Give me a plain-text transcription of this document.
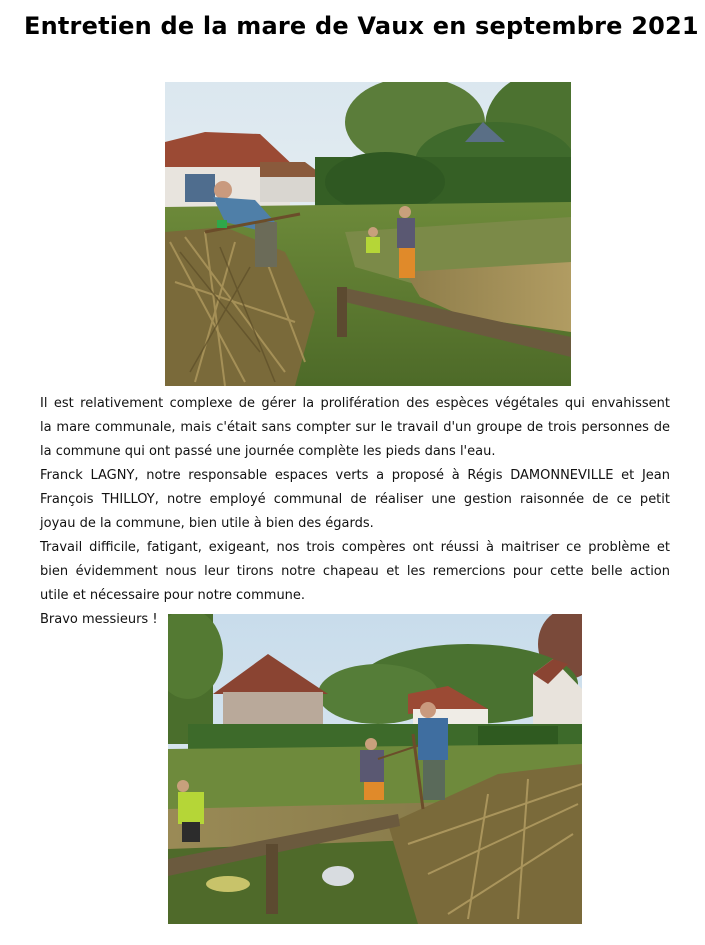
Entretien de la mare de Vaux en septembre 2021

Il est relativement complexe de gérer la prolifération des espèces végétales qui envahissent

la mare communale, mais c'était sans compter sur le travail d'un groupe de trois personnes de

la commune qui ont passé une journée complète les pieds dans l'eau.

Franck LAGNY, notre responsable espaces verts a proposé à Régis DAMONNEVILLE et Jean

François THILLOY, notre employé communal de réaliser une gestion raisonnée de ce petit

joyau de la commune, bien utile à bien des égards.

Travail difficile, fatigant, exigeant, nos trois compères ont réussi à maitriser ce problème et

bien évidemment nous leur tirons notre chapeau et les remercions pour cette belle action

utile et nécessaire pour notre commune.

Bravo messieurs !
